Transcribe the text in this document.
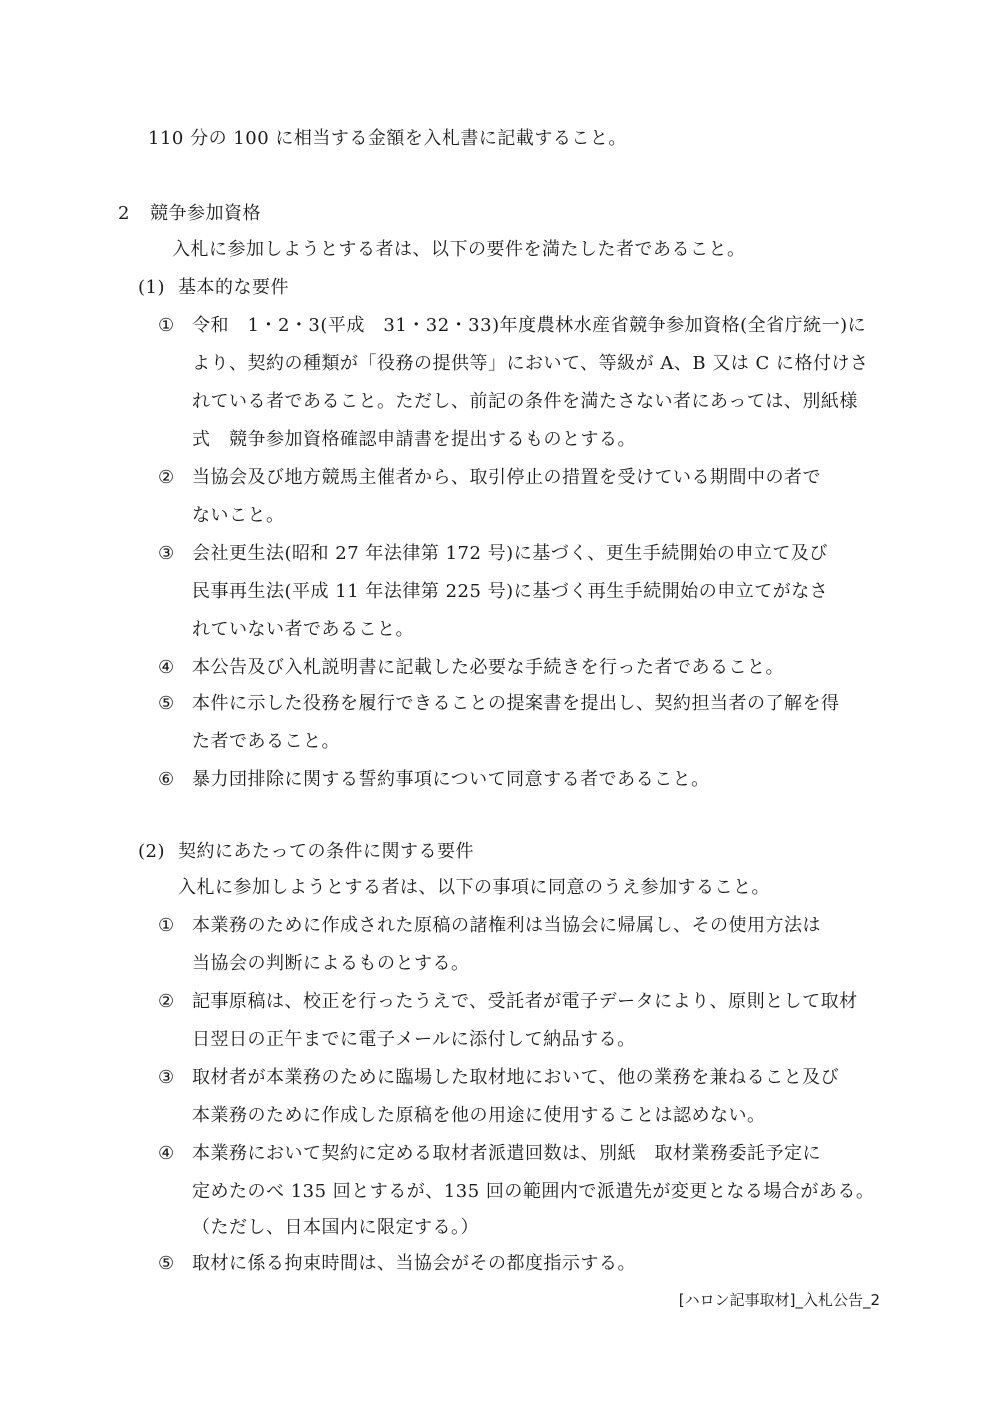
110 分の 100 に相当する金額を入札書に記載すること。
2 競争参加資格
入札に参加しようとする者は、以下の要件を満たした者であること。
(1) 基本的な要件
① 令和　1・2・3(平成　31・32・33)年度農林水産省競争参加資格(全省庁統一)に
より、契約の種類が「役務の提供等」において、等級が A、B 又は C に格付けさ
れている者であること。ただし、前記の条件を満たさない者にあっては、別紙様
式　競争参加資格確認申請書を提出するものとする。
② 当協会及び地方競馬主催者から、取引停止の措置を受けている期間中の者で
ないこと。
③ 会社更生法(昭和 27 年法律第 172 号)に基づく、更生手続開始の申立て及び
民事再生法(平成 11 年法律第 225 号)に基づく再生手続開始の申立てがなさ
れていない者であること。
④ 本公告及び入札説明書に記載した必要な手続きを行った者であること。
⑤ 本件に示した役務を履行できることの提案書を提出し、契約担当者の了解を得
た者であること。
⑥ 暴力団排除に関する誓約事項について同意する者であること。
(2) 契約にあたっての条件に関する要件
入札に参加しようとする者は、以下の事項に同意のうえ参加すること。
① 本業務のために作成された原稿の諸権利は当協会に帰属し、その使用方法は
当協会の判断によるものとする。
② 記事原稿は、校正を行ったうえで、受託者が電子データにより、原則として取材
日翌日の正午までに電子メールに添付して納品する。
③ 取材者が本業務のために臨場した取材地において、他の業務を兼ねること及び
本業務のために作成した原稿を他の用途に使用することは認めない。
④ 本業務において契約に定める取材者派遣回数は、別紙　取材業務委託予定に
定めたのべ 135 回とするが、135 回の範囲内で派遣先が変更となる場合がある。
（ただし、日本国内に限定する。）
⑤ 取材に係る拘束時間は、当協会がその都度指示する。
[ハロン記事取材]_入札公告_2
